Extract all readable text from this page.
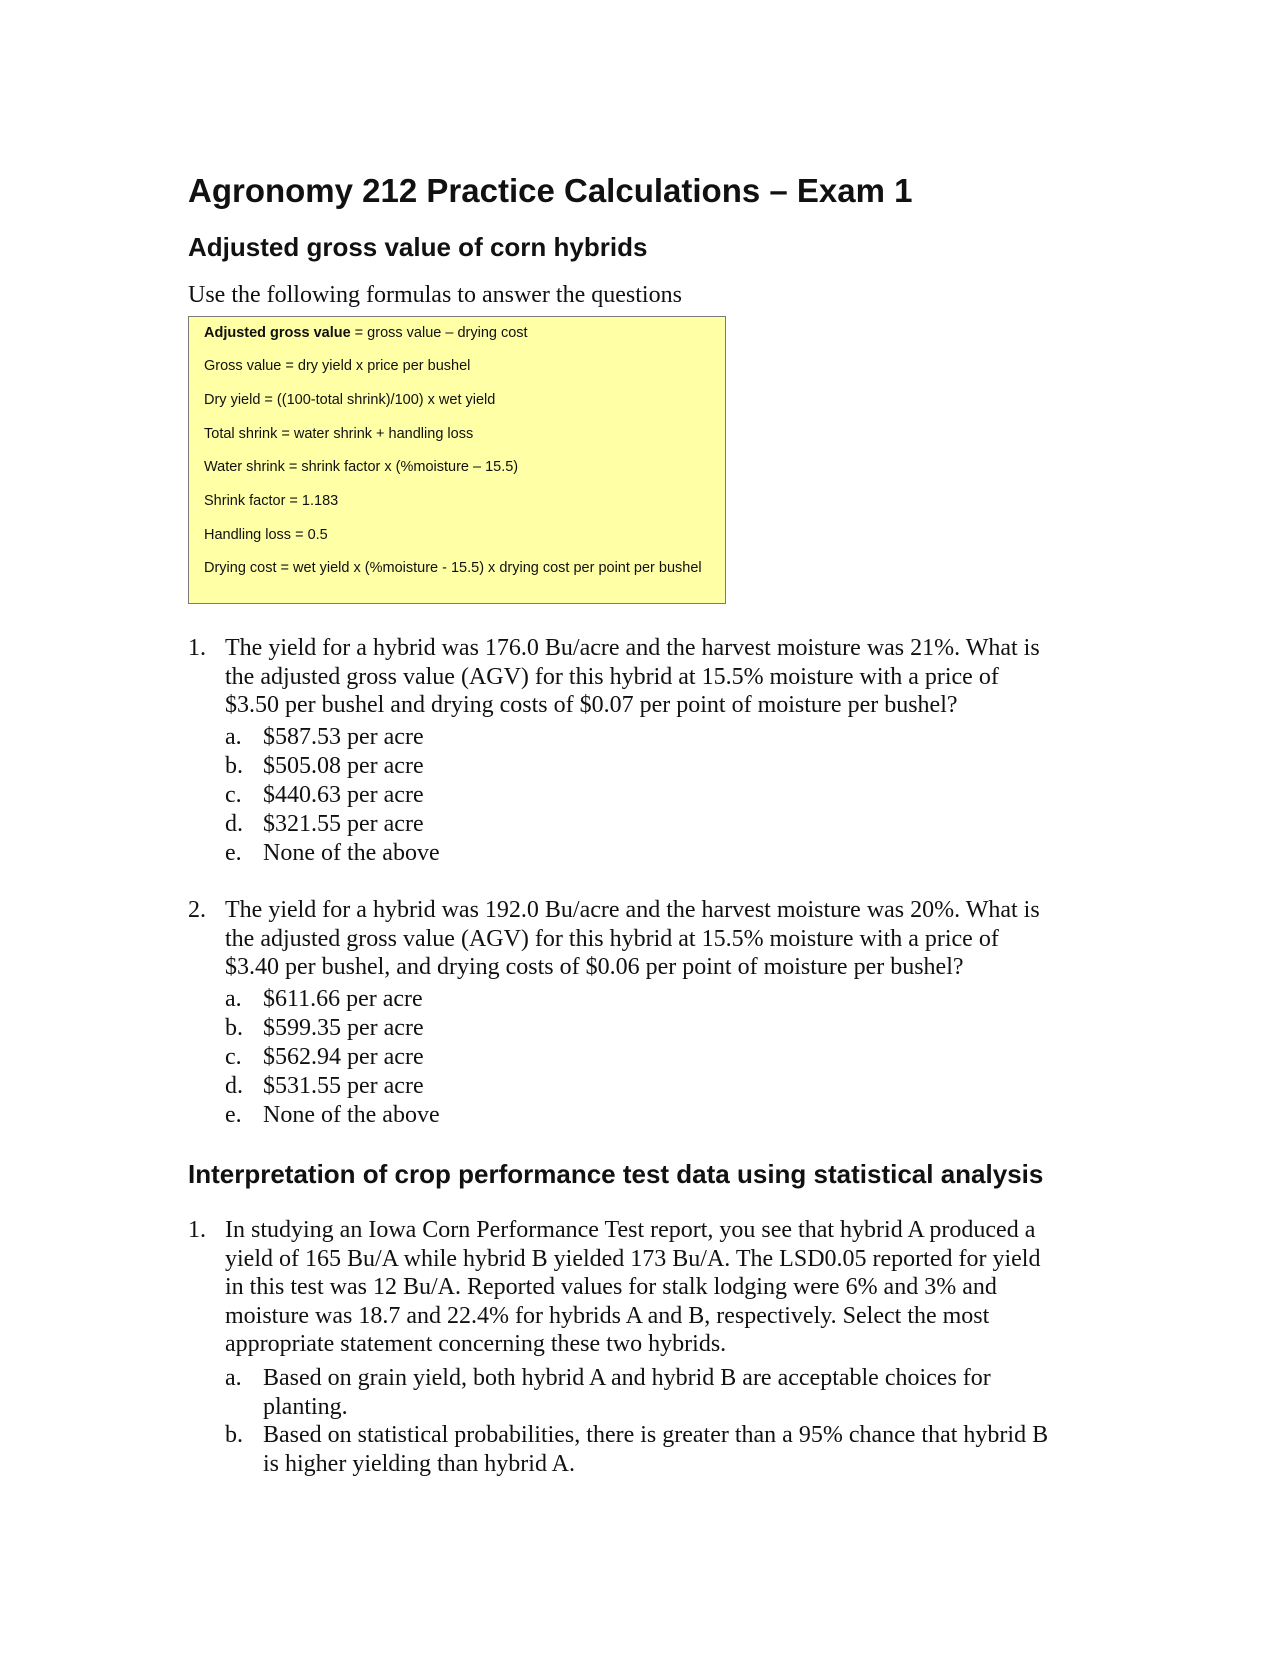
Agronomy 212 Practice Calculations – Exam 1
Adjusted gross value of corn hybrids
Use the following formulas to answer the questions
Adjusted gross value = gross value – drying cost
Gross value = dry yield x price per bushel
Dry yield = ((100-total shrink)/100) x wet yield
Total shrink = water shrink + handling loss
Water shrink = shrink factor x (%moisture – 15.5)
Shrink factor = 1.183
Handling loss = 0.5
Drying cost = wet yield x (%moisture - 15.5) x drying cost per point per bushel
1. The yield for a hybrid was 176.0 Bu/acre and the harvest moisture was 21%. What is
the adjusted gross value (AGV) for this hybrid at 15.5% moisture with a price of
$3.50 per bushel and drying costs of $0.07 per point of moisture per bushel?
a. $587.53 per acre
b. $505.08 per acre
c. $440.63 per acre
d. $321.55 per acre
e. None of the above
2. The yield for a hybrid was 192.0 Bu/acre and the harvest moisture was 20%. What is
the adjusted gross value (AGV) for this hybrid at 15.5% moisture with a price of
$3.40 per bushel, and drying costs of $0.06 per point of moisture per bushel?
a. $611.66 per acre
b. $599.35 per acre
c. $562.94 per acre
d. $531.55 per acre
e. None of the above
Interpretation of crop performance test data using statistical analysis
1. In studying an Iowa Corn Performance Test report, you see that hybrid A produced a
yield of 165 Bu/A while hybrid B yielded 173 Bu/A. The LSD0.05 reported for yield
in this test was 12 Bu/A. Reported values for stalk lodging were 6% and 3% and
moisture was 18.7 and 22.4% for hybrids A and B, respectively. Select the most
appropriate statement concerning these two hybrids.
a. Based on grain yield, both hybrid A and hybrid B are acceptable choices for
planting.
b. Based on statistical probabilities, there is greater than a 95% chance that hybrid B
is higher yielding than hybrid A.
